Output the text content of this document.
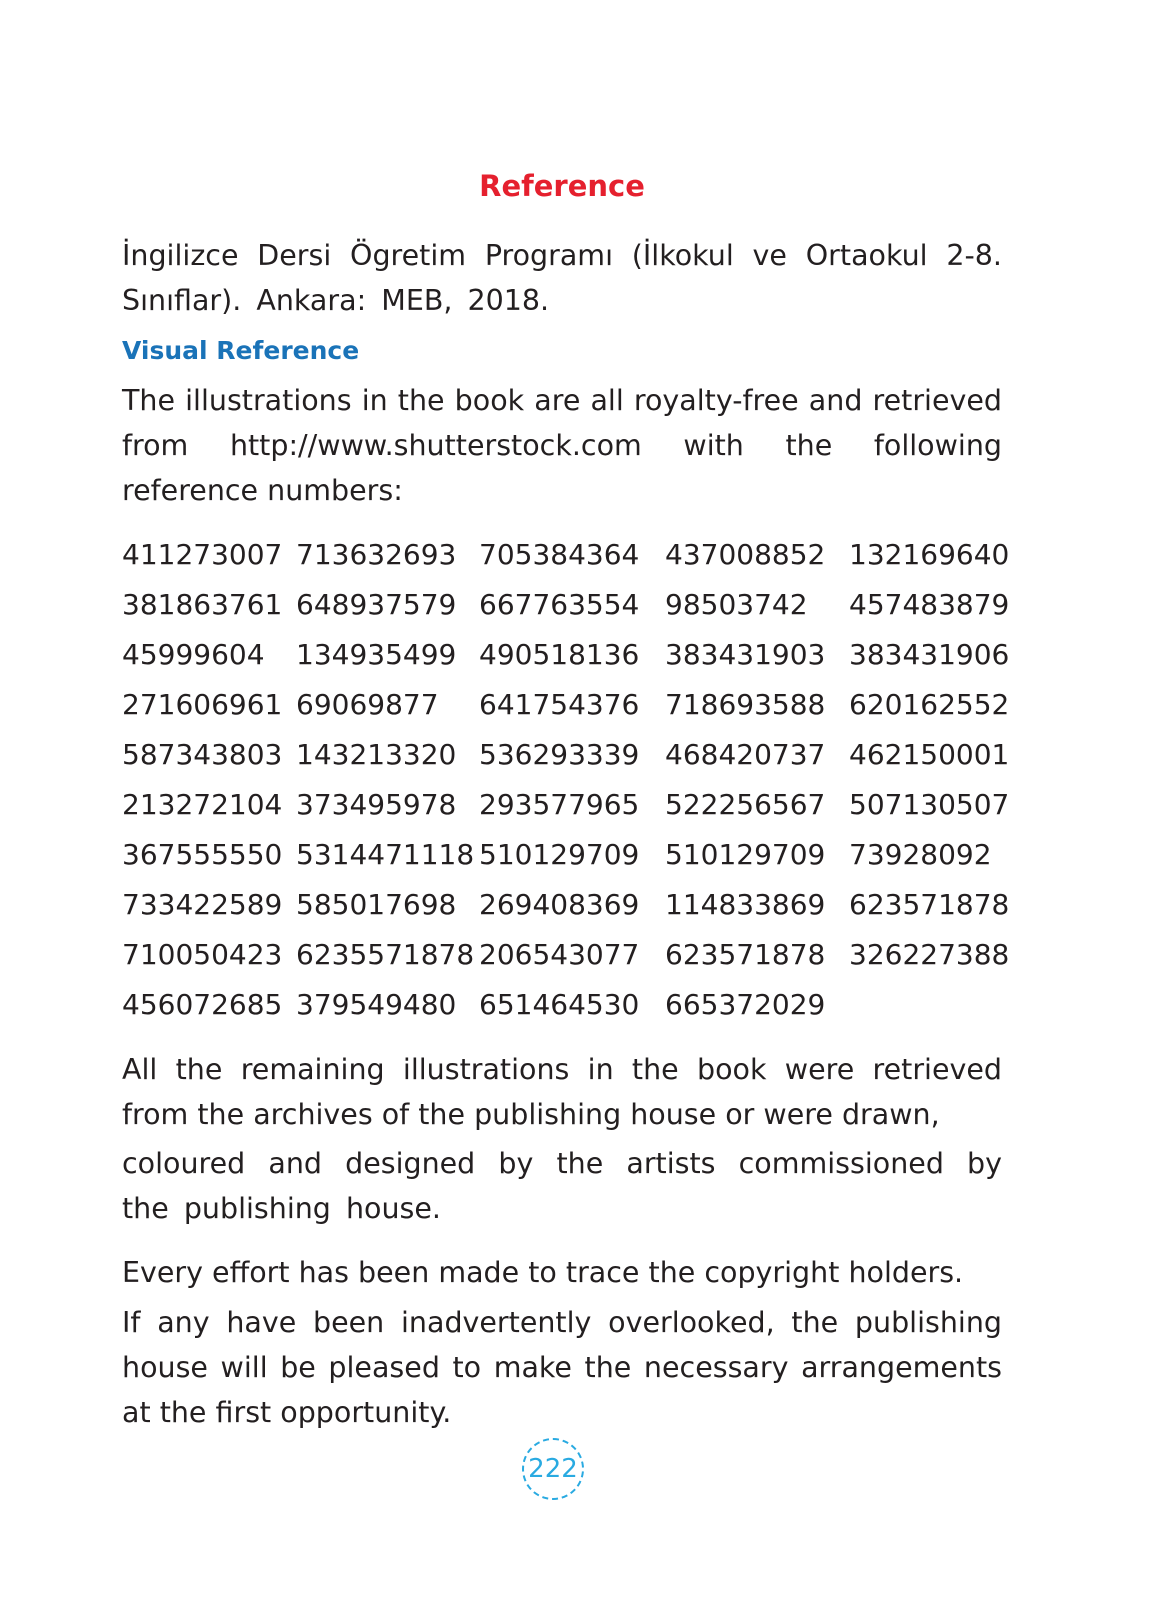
Reference
İngilizce Dersi Ögretim Programı (İlkokul ve Ortaokul 2-8. Sınıflar). Ankara: MEB, 2018.
Visual Reference
The illustrations in the book are all royalty-free and retrieved from http://www.shutterstock.com with the following reference numbers:
411273007 713632693 705384364 437008852 132169640
381863761 648937579 667763554 98503742 457483879
45999604 134935499 490518136 383431903 383431906
271606961 69069877 641754376 718693588 620162552
587343803 143213320 536293339 468420737 462150001
213272104 373495978 293577965 522256567 507130507
367555550 5314471118 510129709 510129709 73928092
733422589 585017698 269408369 114833869 623571878
710050423 6235571878 206543077 623571878 326227388
456072685 379549480 651464530 665372029
All the remaining illustrations in the book were retrieved from the archives of the publishing house or were drawn,
coloured and designed by the artists commissioned by the publishing house.
Every effort has been made to trace the copyright holders.
If any have been inadvertently overlooked, the publishing house will be pleased to make the necessary arrangements at the first opportunity.
222
